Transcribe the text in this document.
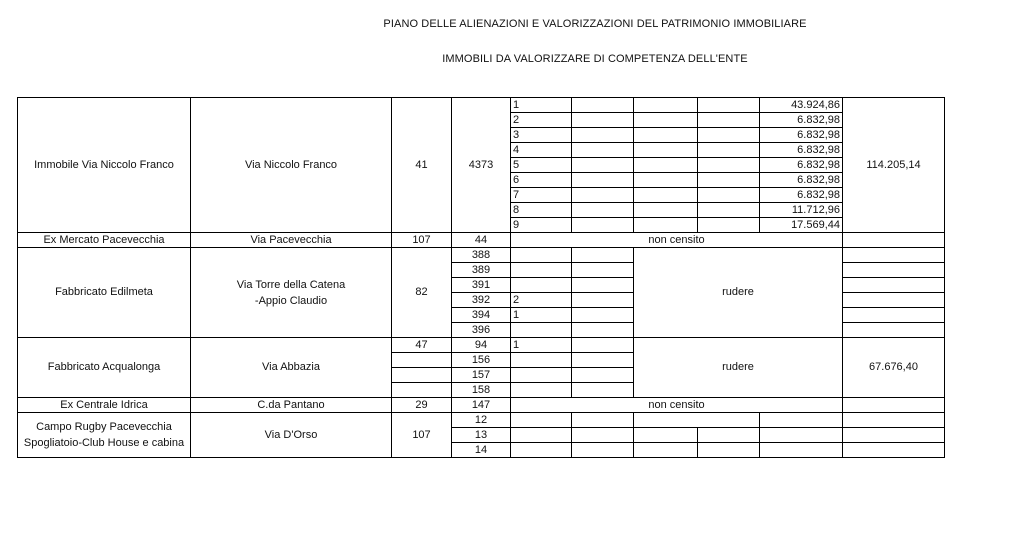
PIANO DELLE ALIENAZIONI E VALORIZZAZIONI DEL PATRIMONIO IMMOBILIARE
IMMOBILI DA VALORIZZARE DI COMPETENZA DELL'ENTE
Immobile Via Niccolo Franco	Via Niccolo Franco	41	4373	1				43.924,86	114.205,14
				2				6.832,98	
				3				6.832,98	
				4				6.832,98	
				5				6.832,98	
				6				6.832,98	
				7				6.832,98	
				8				11.712,96	
				9				17.569,44	
Ex Mercato Pacevecchia	Via Pacevecchia	107	44	non censito					
Fabbricato Edilmeta	Via Torre della Catena
-Appio Claudio	82	388			rudere			
			389						
			391						
			392	2					
			394	1					
			396						
Fabbricato Acqualonga	Via Abbazia	47	94	1		rudere			67.676,40
			156						
			157						
			158						
Ex Centrale Idrica	C.da Pantano	29	147	non censito					
Campo Rugby Pacevecchia
Spogliatoio-Club House e cabina	Via D'Orso	107	12						
			13						
			14						
